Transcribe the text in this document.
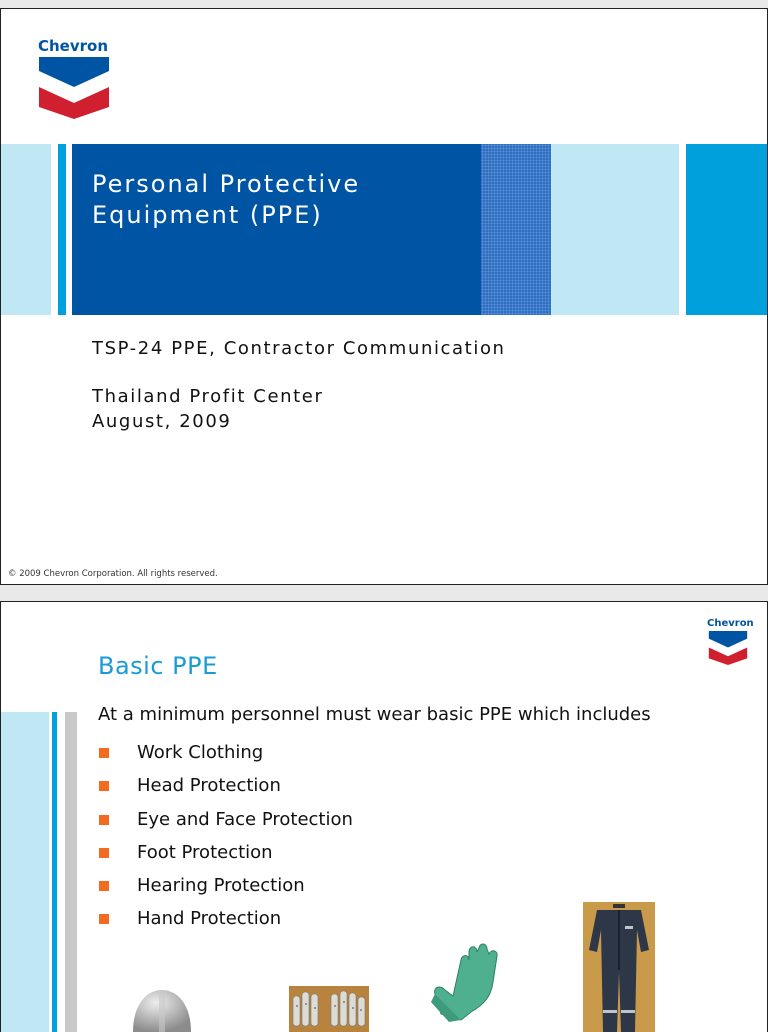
Chevron
Personal Protective
Equipment (PPE)
TSP-24 PPE, Contractor Communication
Thailand Profit Center
August, 2009
© 2009 Chevron Corporation. All rights reserved.
Chevron
Basic PPE
At a minimum personnel must wear basic PPE which includes
Work Clothing
Head Protection
Eye and Face Protection
Foot Protection
Hearing Protection
Hand Protection
